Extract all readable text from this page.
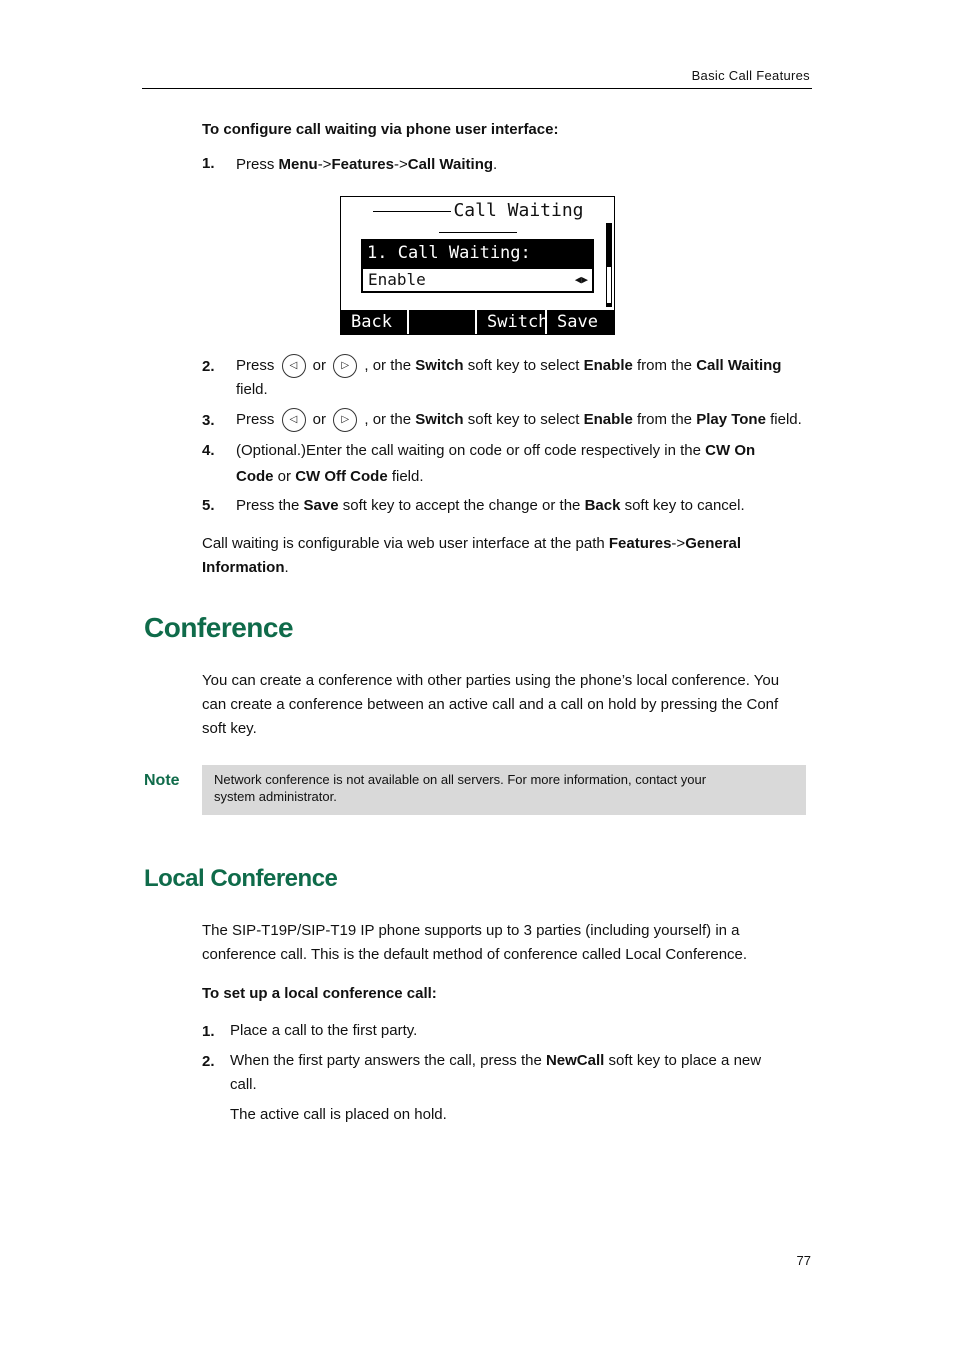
Basic Call Features
To configure call waiting via phone user interface:
1. Press Menu->Features->Call Waiting.
Call Waiting
1. Call Waiting:
Enable	◀▶
Back	Switch Save
2. Press ◁ or ▷ , or the Switch soft key to select Enable from the Call Waiting
field.
3. Press ◁ or ▷ , or the Switch soft key to select Enable from the Play Tone field.
4. (Optional.)Enter the call waiting on code or off code respectively in the CW On
Code or CW Off Code field.
5. Press the Save soft key to accept the change or the Back soft key to cancel.
Call waiting is configurable via web user interface at the path Features->General
Information.
Conference
You can create a conference with other parties using the phone’s local conference. You
can create a conference between an active call and a call on hold by pressing the Conf
soft key.
Note	Network conference is not available on all servers. For more information, contact your
system administrator.
Local Conference
The SIP-T19P/SIP-T19 IP phone supports up to 3 parties (including yourself) in a
conference call. This is the default method of conference called Local Conference.
To set up a local conference call:
1. Place a call to the first party.
2. When the first party answers the call, press the NewCall soft key to place a new
call.
The active call is placed on hold.
77
